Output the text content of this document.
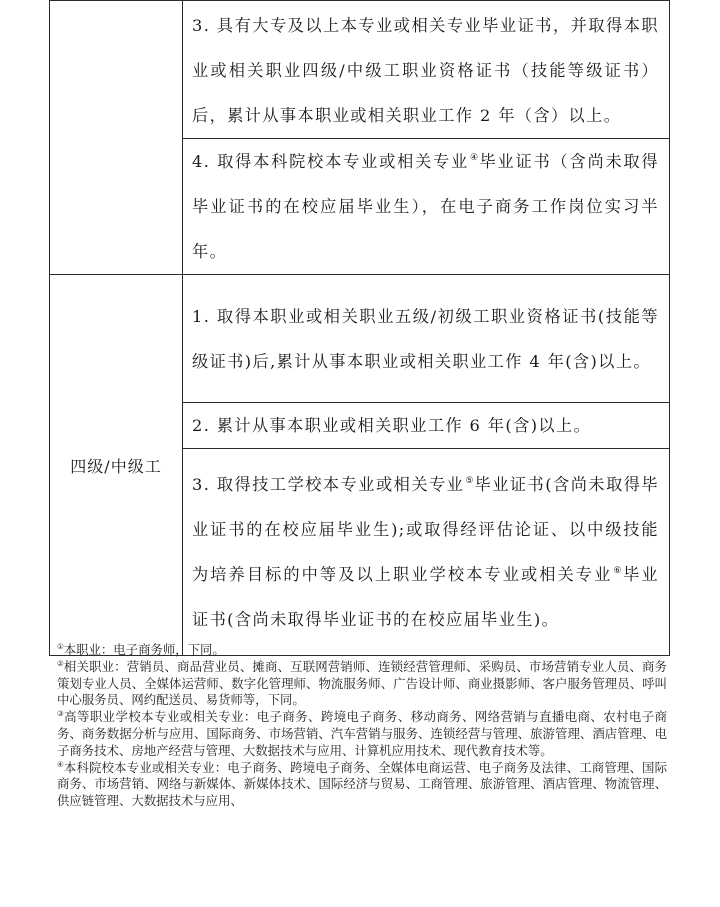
	3. 具有大专及以上本专业或相关专业毕业证书，并取得本职业或相关职业四级/中级工职业资格证书（技能等级证书）后，累计从事本职业或相关职业工作 2 年（含）以上。
	4. 取得本科院校本专业或相关专业④毕业证书（含尚未取得毕业证书的在校应届毕业生），在电子商务工作岗位实习半年。
四级/中级工	1. 取得本职业或相关职业五级/初级工职业资格证书(技能等级证书)后,累计从事本职业或相关职业工作 4 年(含)以上。
	2. 累计从事本职业或相关职业工作 6 年(含)以上。
	3. 取得技工学校本专业或相关专业⑤毕业证书(含尚未取得毕业证书的在校应届毕业生);或取得经评估论证、以中级技能为培养目标的中等及以上职业学校本专业或相关专业⑥毕业证书(含尚未取得毕业证书的在校应届毕业生)。

①本职业：电子商务师，下同。

②相关职业：营销员、商品营业员、摊商、互联网营销师、连锁经营管理师、采购员、市场营销专业人员、商务策划专业人员、全媒体运营师、数字化管理师、物流服务师、广告设计师、商业摄影师、客户服务管理员、呼叫中心服务员、网约配送员、易货师等，下同。

③高等职业学校本专业或相关专业：电子商务、跨境电子商务、移动商务、网络营销与直播电商、农村电子商务、商务数据分析与应用、国际商务、市场营销、汽车营销与服务、连锁经营与管理、旅游管理、酒店管理、电子商务技术、房地产经营与管理、大数据技术与应用、计算机应用技术、现代教育技术等。

④本科院校本专业或相关专业：电子商务、跨境电子商务、全媒体电商运营、电子商务及法律、工商管理、国际商务、市场营销、网络与新媒体、新媒体技术、国际经济与贸易、工商管理、旅游管理、酒店管理、物流管理、供应链管理、大数据技术与应用、
